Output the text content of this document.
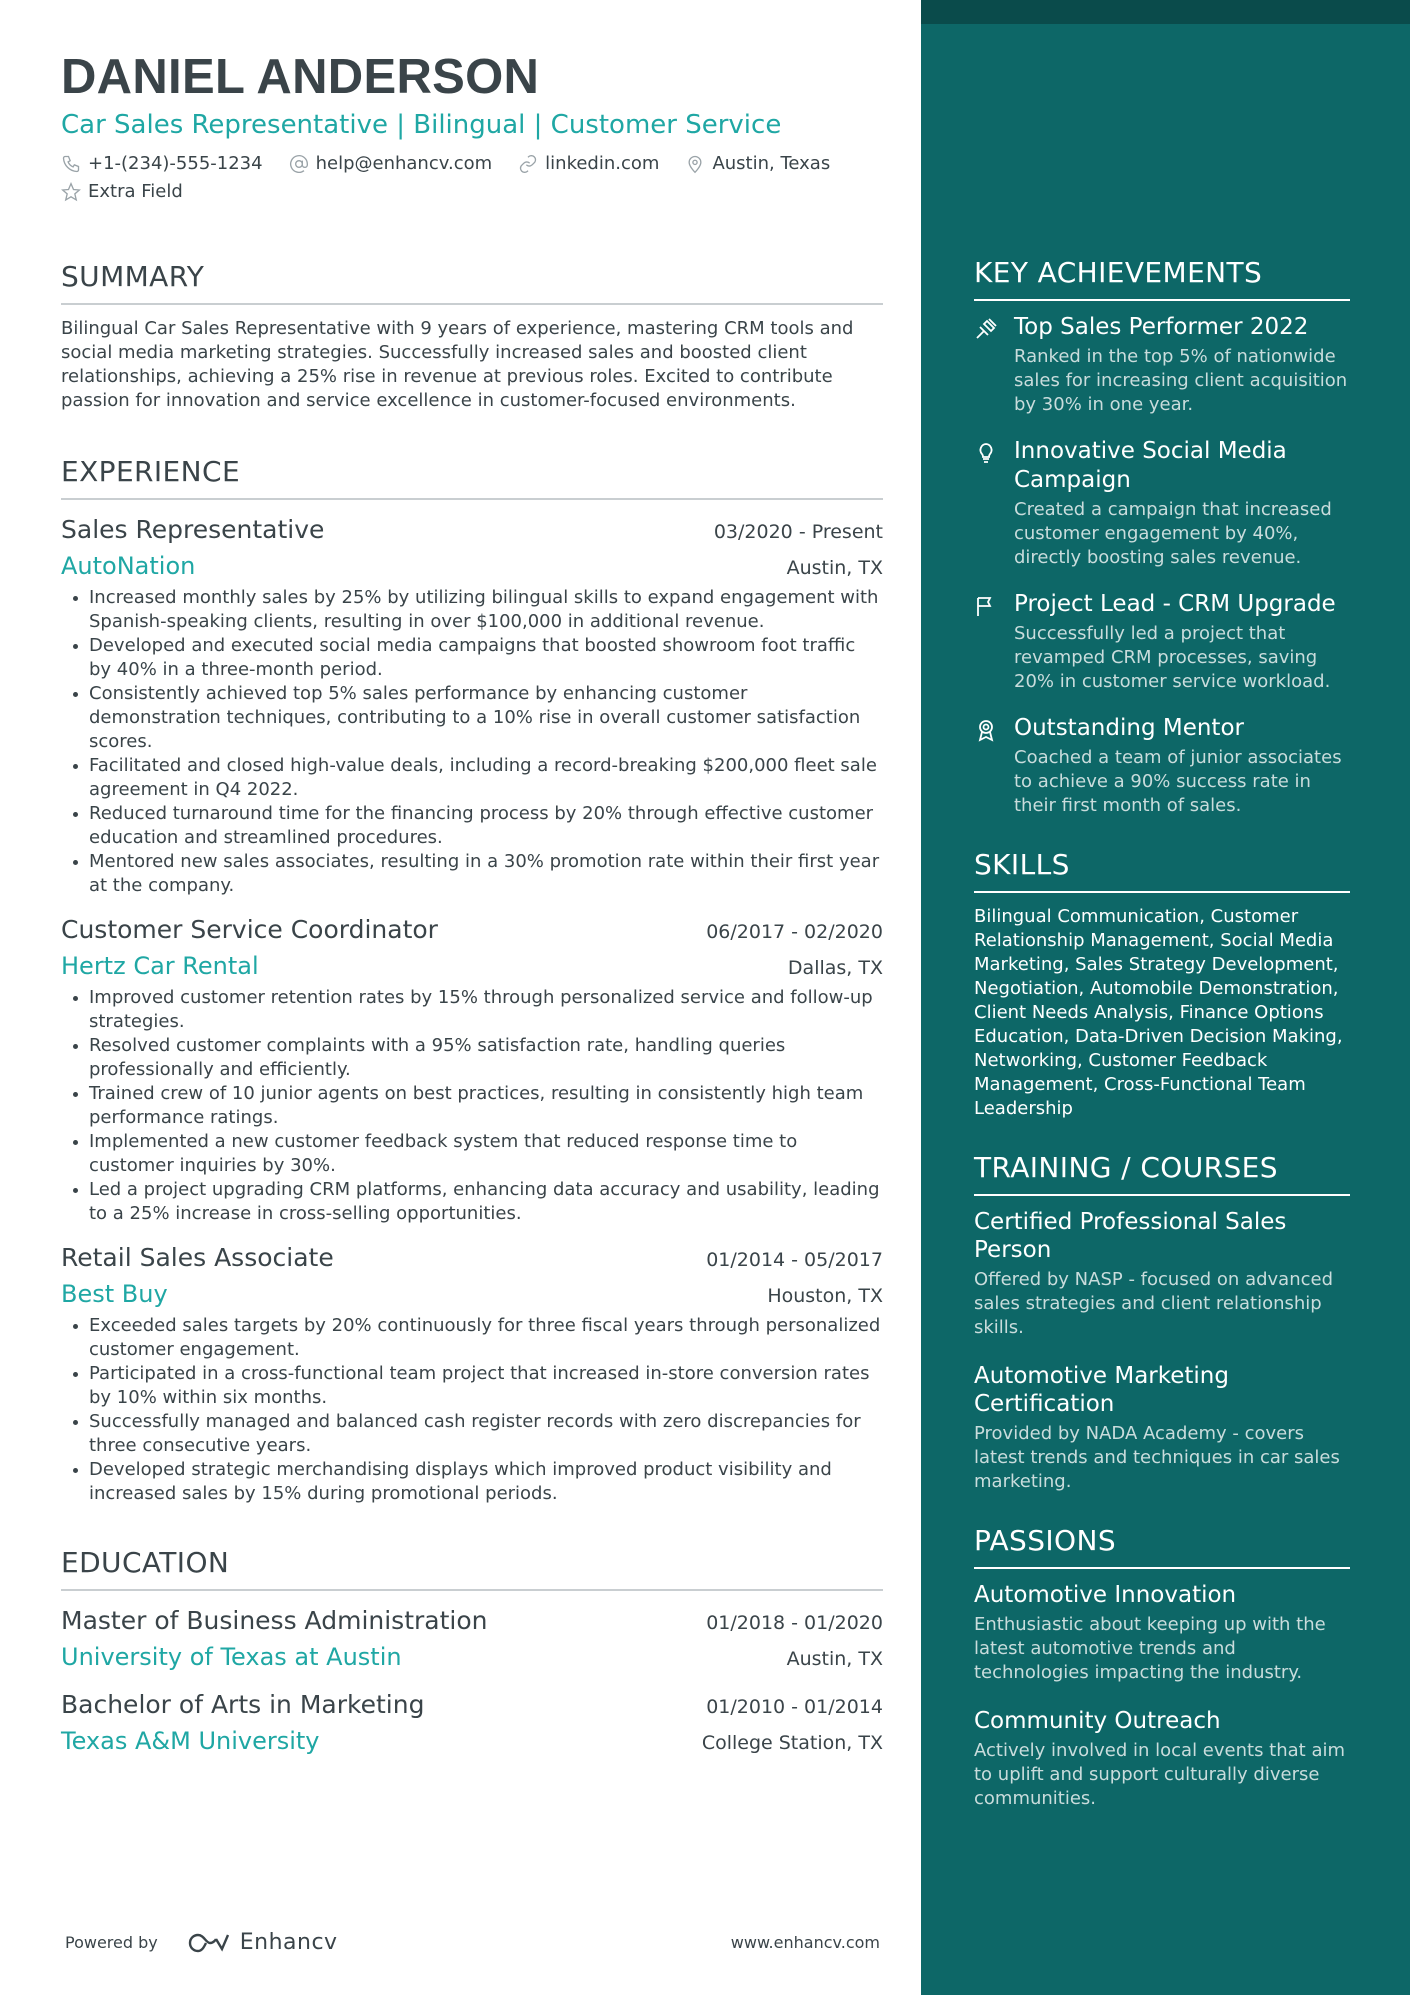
DANIEL ANDERSON
Car Sales Representative | Bilingual | Customer Service
+1-(234)-555-1234	help@enhancv.com	linkedin.com	Austin, Texas
Extra Field
SUMMARY

Bilingual Car Sales Representative with 9 years of experience, mastering CRM tools and social media marketing strategies. Successfully increased sales and boosted client relationships, achieving a 25% rise in revenue at previous roles. Excited to contribute passion for innovation and service excellence in customer-focused environments.

EXPERIENCE
Sales Representative	03/2020 - Present
AutoNation	Austin, TX
Increased monthly sales by 25% by utilizing bilingual skills to expand engagement with Spanish-speaking clients, resulting in over $100,000 in additional revenue.
Developed and executed social media campaigns that boosted showroom foot traffic by 40% in a three-month period.
Consistently achieved top 5% sales performance by enhancing customer demonstration techniques, contributing to a 10% rise in overall customer satisfaction scores.
Facilitated and closed high-value deals, including a record-breaking $200,000 fleet sale agreement in Q4 2022.
Reduced turnaround time for the financing process by 20% through effective customer education and streamlined procedures.
Mentored new sales associates, resulting in a 30% promotion rate within their first year at the company.
Customer Service Coordinator	06/2017 - 02/2020
Hertz Car Rental	Dallas, TX
Improved customer retention rates by 15% through personalized service and follow-up strategies.
Resolved customer complaints with a 95% satisfaction rate, handling queries professionally and efficiently.
Trained crew of 10 junior agents on best practices, resulting in consistently high team performance ratings.
Implemented a new customer feedback system that reduced response time to customer inquiries by 30%.
Led a project upgrading CRM platforms, enhancing data accuracy and usability, leading to a 25% increase in cross-selling opportunities.
Retail Sales Associate	01/2014 - 05/2017
Best Buy	Houston, TX
Exceeded sales targets by 20% continuously for three fiscal years through personalized customer engagement.
Participated in a cross-functional team project that increased in-store conversion rates by 10% within six months.
Successfully managed and balanced cash register records with zero discrepancies for three consecutive years.
Developed strategic merchandising displays which improved product visibility and increased sales by 15% during promotional periods.
EDUCATION
Master of Business Administration	01/2018 - 01/2020
University of Texas at Austin	Austin, TX
Bachelor of Arts in Marketing	01/2010 - 01/2014
Texas A&M University	College Station, TX
Powered by	Enhancv	www.enhancv.com
KEY ACHIEVEMENTS
Top Sales Performer 2022
Ranked in the top 5% of nationwide sales for increasing client acquisition by 30% in one year.
Innovative Social Media Campaign
Created a campaign that increased customer engagement by 40%, directly boosting sales revenue.
Project Lead - CRM Upgrade
Successfully led a project that revamped CRM processes, saving 20% in customer service workload.
Outstanding Mentor
Coached a team of junior associates to achieve a 90% success rate in their first month of sales.
SKILLS

Bilingual Communication, Customer Relationship Management, Social Media Marketing, Sales Strategy Development, Negotiation, Automobile Demonstration, Client Needs Analysis, Finance Options Education, Data-Driven Decision Making, Networking, Customer Feedback Management, Cross-Functional Team Leadership

TRAINING / COURSES
Certified Professional Sales Person
Offered by NASP - focused on advanced sales strategies and client relationship skills.
Automotive Marketing Certification
Provided by NADA Academy - covers latest trends and techniques in car sales marketing.
PASSIONS
Automotive Innovation
Enthusiastic about keeping up with the latest automotive trends and technologies impacting the industry.
Community Outreach
Actively involved in local events that aim to uplift and support culturally diverse communities.
